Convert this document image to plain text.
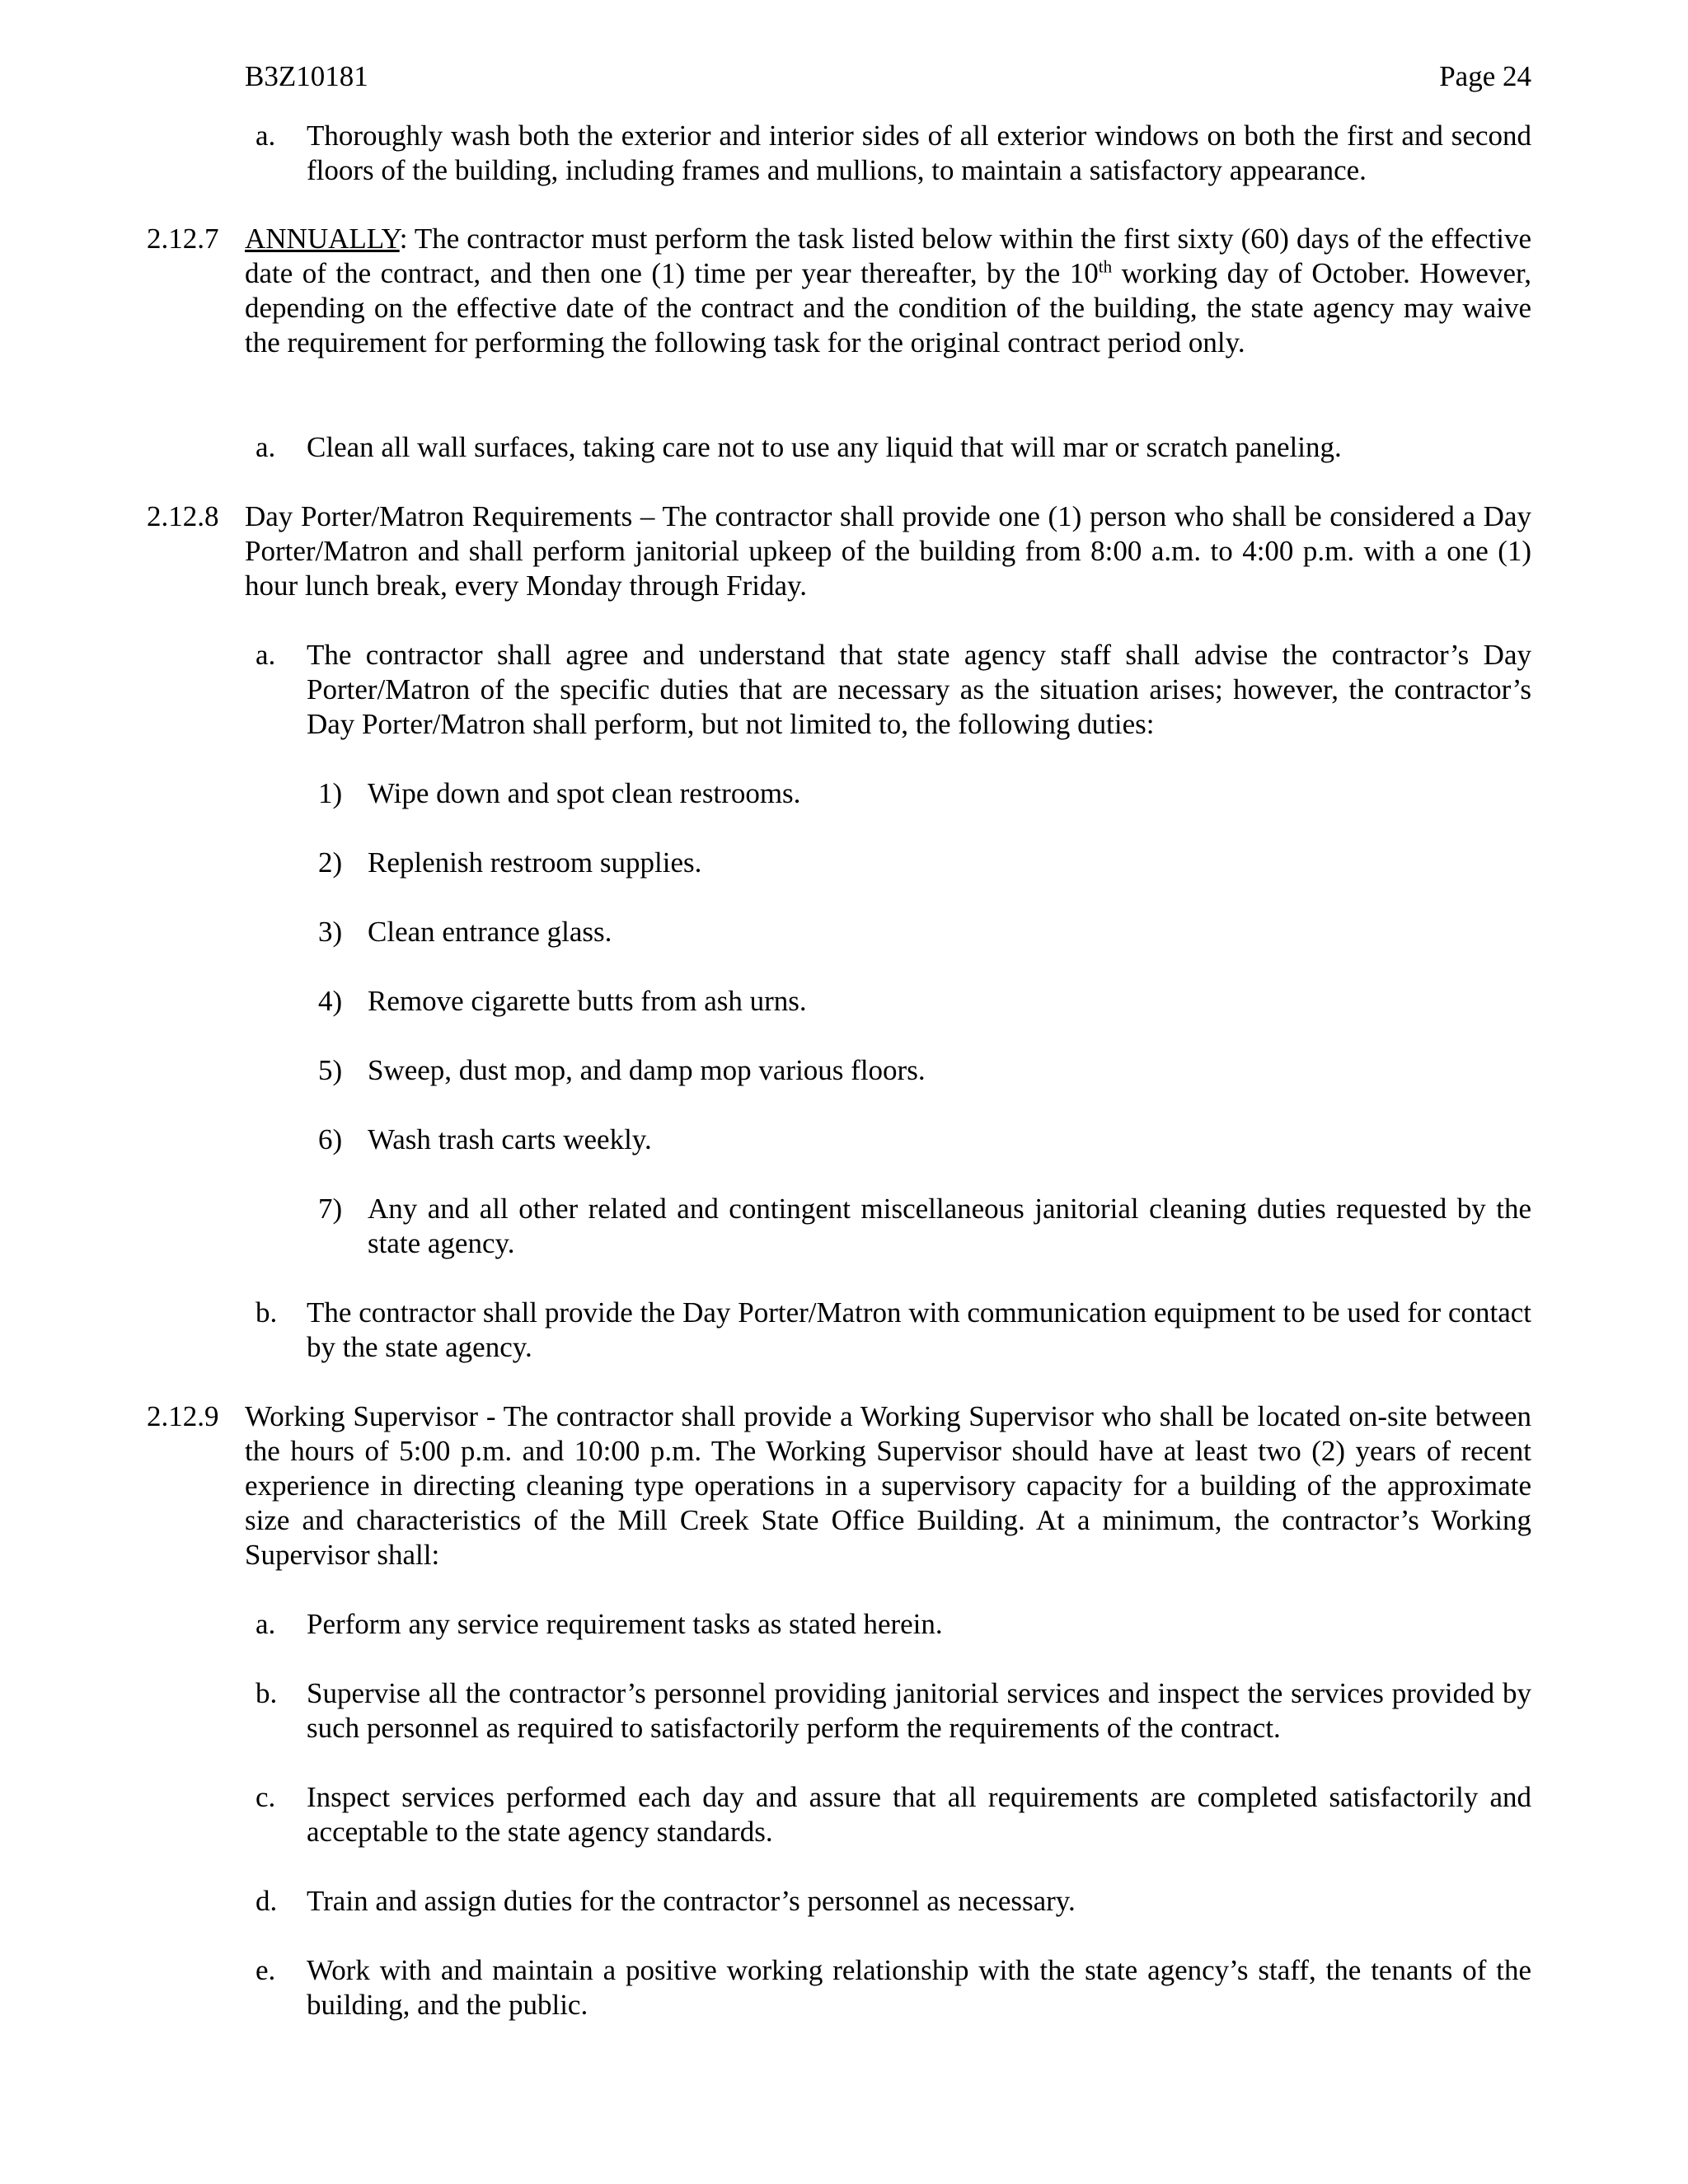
B3Z10181	Page 24
a. Thoroughly wash both the exterior and interior sides of all exterior windows on both the first and second floors of the building, including frames and mullions, to maintain a satisfactory appearance.
2.12.7 ANNUALLY: The contractor must perform the task listed below within the first sixty (60) days of the effective date of the contract, and then one (1) time per year thereafter, by the 10th working day of October. However, depending on the effective date of the contract and the condition of the building, the state agency may waive the requirement for performing the following task for the original contract period only.
a. Clean all wall surfaces, taking care not to use any liquid that will mar or scratch paneling.
2.12.8 Day Porter/Matron Requirements – The contractor shall provide one (1) person who shall be considered a Day Porter/Matron and shall perform janitorial upkeep of the building from 8:00 a.m. to 4:00 p.m. with a one (1) hour lunch break, every Monday through Friday.
a. The contractor shall agree and understand that state agency staff shall advise the contractor’s Day Porter/Matron of the specific duties that are necessary as the situation arises; however, the contractor’s Day Porter/Matron shall perform, but not limited to, the following duties:
1) Wipe down and spot clean restrooms.
2) Replenish restroom supplies.
3) Clean entrance glass.
4) Remove cigarette butts from ash urns.
5) Sweep, dust mop, and damp mop various floors.
6) Wash trash carts weekly.
7) Any and all other related and contingent miscellaneous janitorial cleaning duties requested by the state agency.
b. The contractor shall provide the Day Porter/Matron with communication equipment to be used for contact by the state agency.
2.12.9 Working Supervisor - The contractor shall provide a Working Supervisor who shall be located on-site between the hours of 5:00 p.m. and 10:00 p.m. The Working Supervisor should have at least two (2) years of recent experience in directing cleaning type operations in a supervisory capacity for a building of the approximate size and characteristics of the Mill Creek State Office Building. At a minimum, the contractor’s Working Supervisor shall:
a. Perform any service requirement tasks as stated herein.
b. Supervise all the contractor’s personnel providing janitorial services and inspect the services provided by such personnel as required to satisfactorily perform the requirements of the contract.
c. Inspect services performed each day and assure that all requirements are completed satisfactorily and acceptable to the state agency standards.
d. Train and assign duties for the contractor’s personnel as necessary.
e. Work with and maintain a positive working relationship with the state agency’s staff, the tenants of the building, and the public.
